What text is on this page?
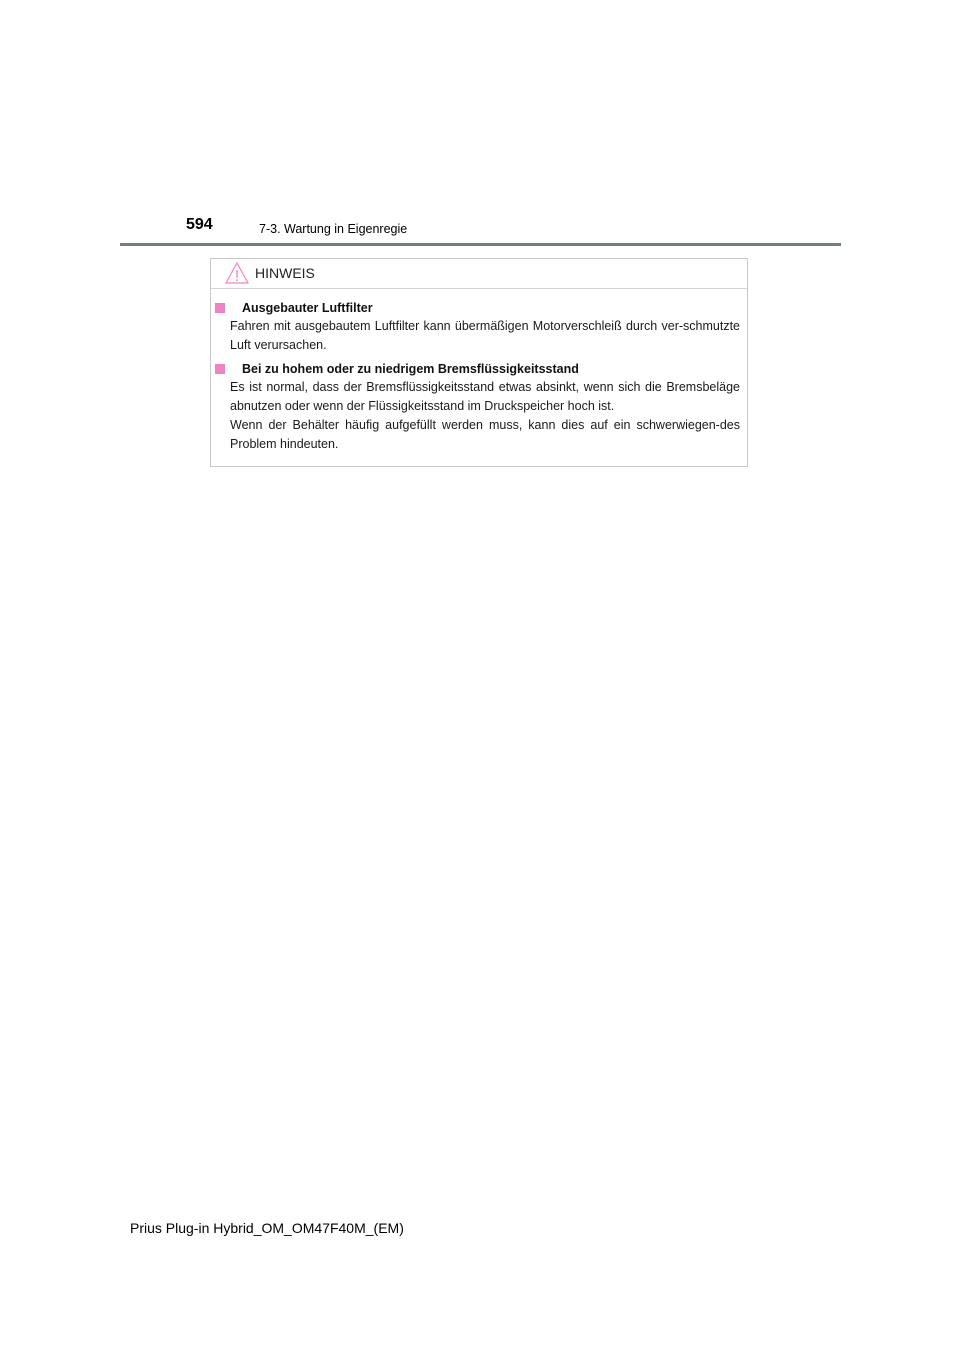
594	7-3. Wartung in Eigenregie
HINWEIS
Ausgebauter Luftfilter

Fahren mit ausgebautem Luftfilter kann übermäßigen Motorverschleiß durch ver-schmutzte Luft verursachen.

Bei zu hohem oder zu niedrigem Bremsflüssigkeitsstand

Es ist normal, dass der Bremsflüssigkeitsstand etwas absinkt, wenn sich die Bremsbeläge abnutzen oder wenn der Flüssigkeitsstand im Druckspeicher hoch ist.

Wenn der Behälter häufig aufgefüllt werden muss, kann dies auf ein schwerwiegen-des Problem hindeuten.

Prius Plug-in Hybrid_OM_OM47F40M_(EM)
